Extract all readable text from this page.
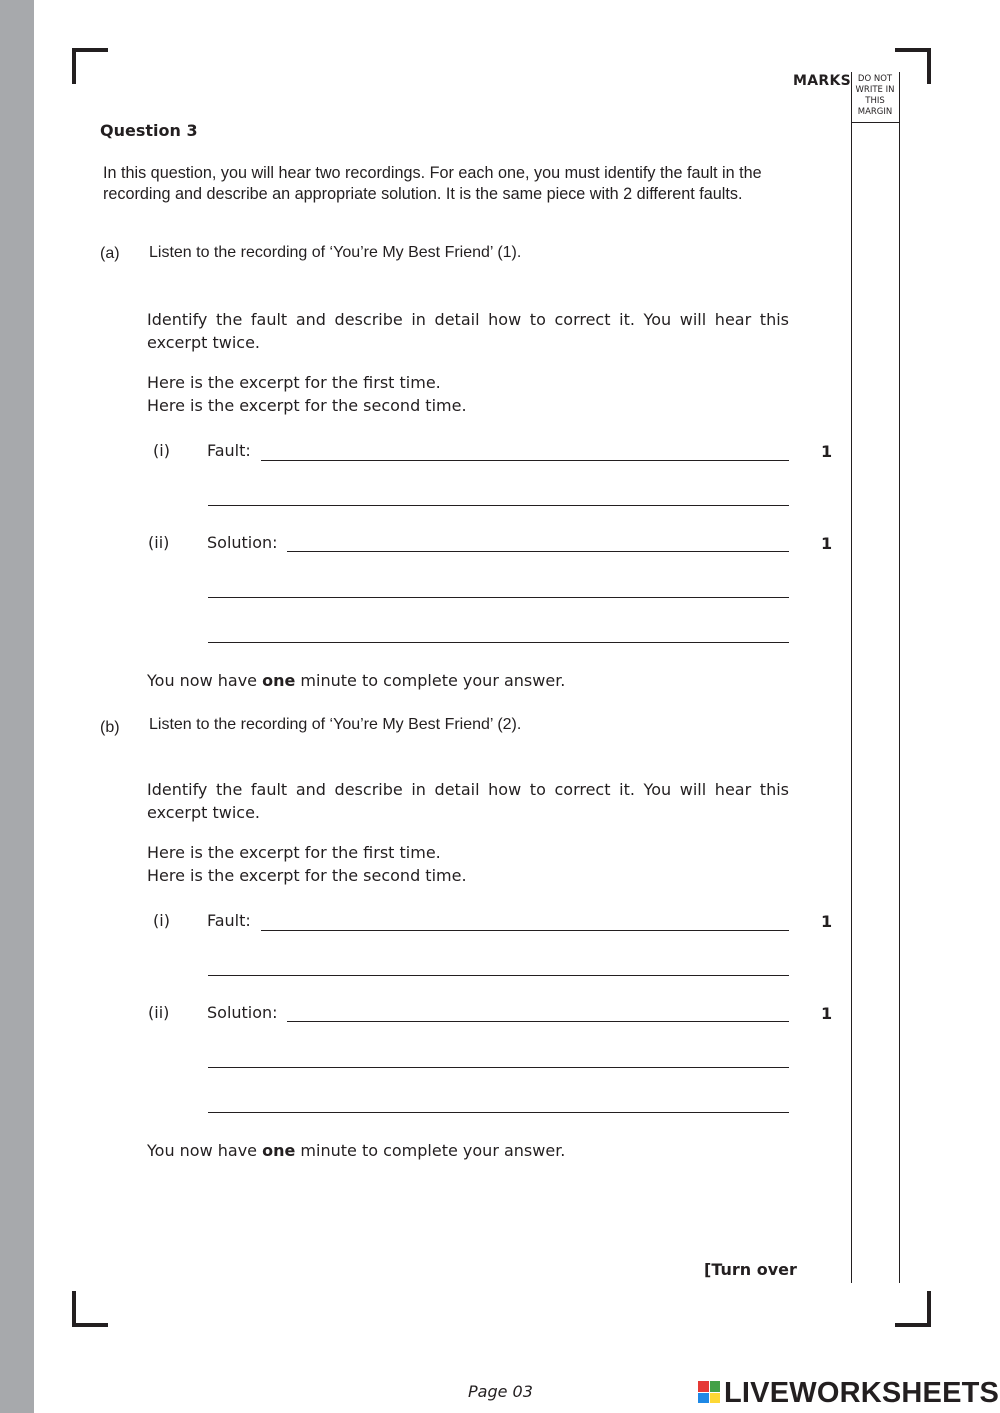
MARKS DO NOT
WRITE IN
THIS
MARGIN
Question 3
In this question, you will hear two recordings. For each one, you must identify the fault in the recording and describe an appropriate solution. It is the same piece with 2 different faults.
(a) Listen to the recording of ‘You’re My Best Friend’ (1).
Identify the fault and describe in detail how to correct it. You will hear this excerpt twice.
Here is the excerpt for the first time.
Here is the excerpt for the second time.
(i) Fault:	1
(ii) Solution:	1
You now have one minute to complete your answer.
(b) Listen to the recording of ‘You’re My Best Friend’ (2).
Identify the fault and describe in detail how to correct it. You will hear this excerpt twice.
Here is the excerpt for the first time.
Here is the excerpt for the second time.
(i) Fault:	1
(ii) Solution:	1
You now have one minute to complete your answer.
[Turn over
Page 03	LIVEWORKSHEETS
